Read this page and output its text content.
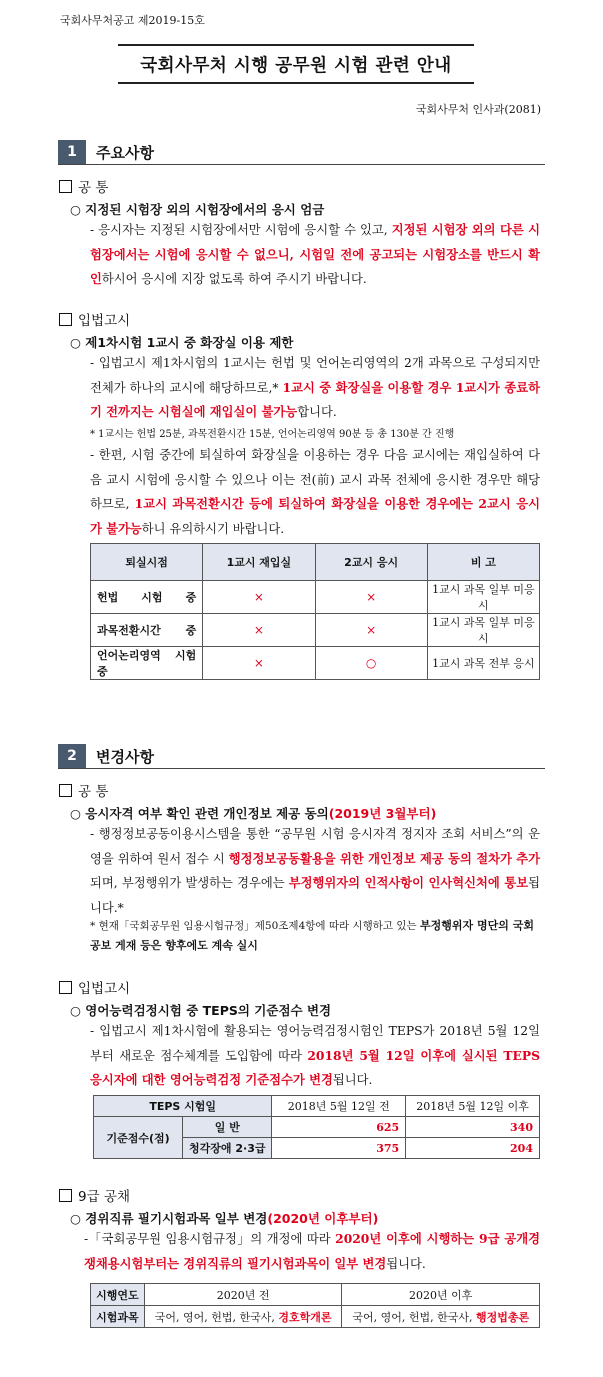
국회사무처공고 제2019-15호
국회사무처 시행 공무원 시험 관련 안내
국회사무처 인사과(2081)
1	주요사항
공 통
○ 지정된 시험장 외의 시험장에서의 응시 엄금
- 응시자는 지정된 시험장에서만 시험에 응시할 수 있고, 지정된 시험장 외의 다른 시험장에서는 시험에 응시할 수 없으니, 시험일 전에 공고되는 시험장소를 반드시 확인하시어 응시에 지장 없도록 하여 주시기 바랍니다.
입법고시
○ 제1차시험 1교시 중 화장실 이용 제한
- 입법고시 제1차시험의 1교시는 헌법 및 언어논리영역의 2개 과목으로 구성되지만 전체가 하나의 교시에 해당하므로,* 1교시 중 화장실을 이용할 경우 1교시가 종료하기 전까지는 시험실에 재입실이 불가능합니다.
* 1교시는 헌법 25분, 과목전환시간 15분, 언어논리영역 90분 등 총 130분 간 진행
- 한편, 시험 중간에 퇴실하여 화장실을 이용하는 경우 다음 교시에는 재입실하여 다음 교시 시험에 응시할 수 있으나 이는 전(前) 교시 과목 전체에 응시한 경우만 해당하므로, 1교시 과목전환시간 등에 퇴실하여 화장실을 이용한 경우에는 2교시 응시가 불가능하니 유의하시기 바랍니다.
퇴실시점	1교시 재입실	2교시 응시	비 고
헌법 시험 중	×	×	1교시 과목 일부 미응시
과목전환시간 중	×	×	1교시 과목 일부 미응시
언어논리영역 시험 중	×	○	1교시 과목 전부 응시
2	변경사항
공 통
○ 응시자격 여부 확인 관련 개인정보 제공 동의(2019년 3월부터)
- 행정정보공동이용시스템을 통한 “공무원 시험 응시자격 정지자 조회 서비스”의 운영을 위하여 원서 접수 시 행정정보공동활용을 위한 개인정보 제공 동의 절차가 추가되며, 부정행위가 발생하는 경우에는 부정행위자의 인적사항이 인사혁신처에 통보됩니다.*
* 현재「국회공무원 임용시험규정」제50조제4항에 따라 시행하고 있는 부정행위자 명단의 국회공보 게재 등은 향후에도 계속 실시
입법고시
○ 영어능력검정시험 중 TEPS의 기준점수 변경
- 입법고시 제1차시험에 활용되는 영어능력검정시험인 TEPS가 2018년 5월 12일부터 새로운 점수체계를 도입함에 따라 2018년 5월 12일 이후에 실시된 TEPS 응시자에 대한 영어능력검정 기준점수가 변경됩니다.
TEPS 시험일		2018년 5월 12일 전	2018년 5월 12일 이후
기준점수(점)	일 반	625	340
	청각장애 2·3급	375	204
9급 공채
○ 경위직류 필기시험과목 일부 변경(2020년 이후부터)
-「국회공무원 임용시험규정」의 개정에 따라 2020년 이후에 시행하는 9급 공개경쟁채용시험부터는 경위직류의 필기시험과목이 일부 변경됩니다.
시행연도	2020년 전	2020년 이후
시험과목	국어, 영어, 헌법, 한국사, 경호학개론	국어, 영어, 헌법, 한국사, 행정법총론
